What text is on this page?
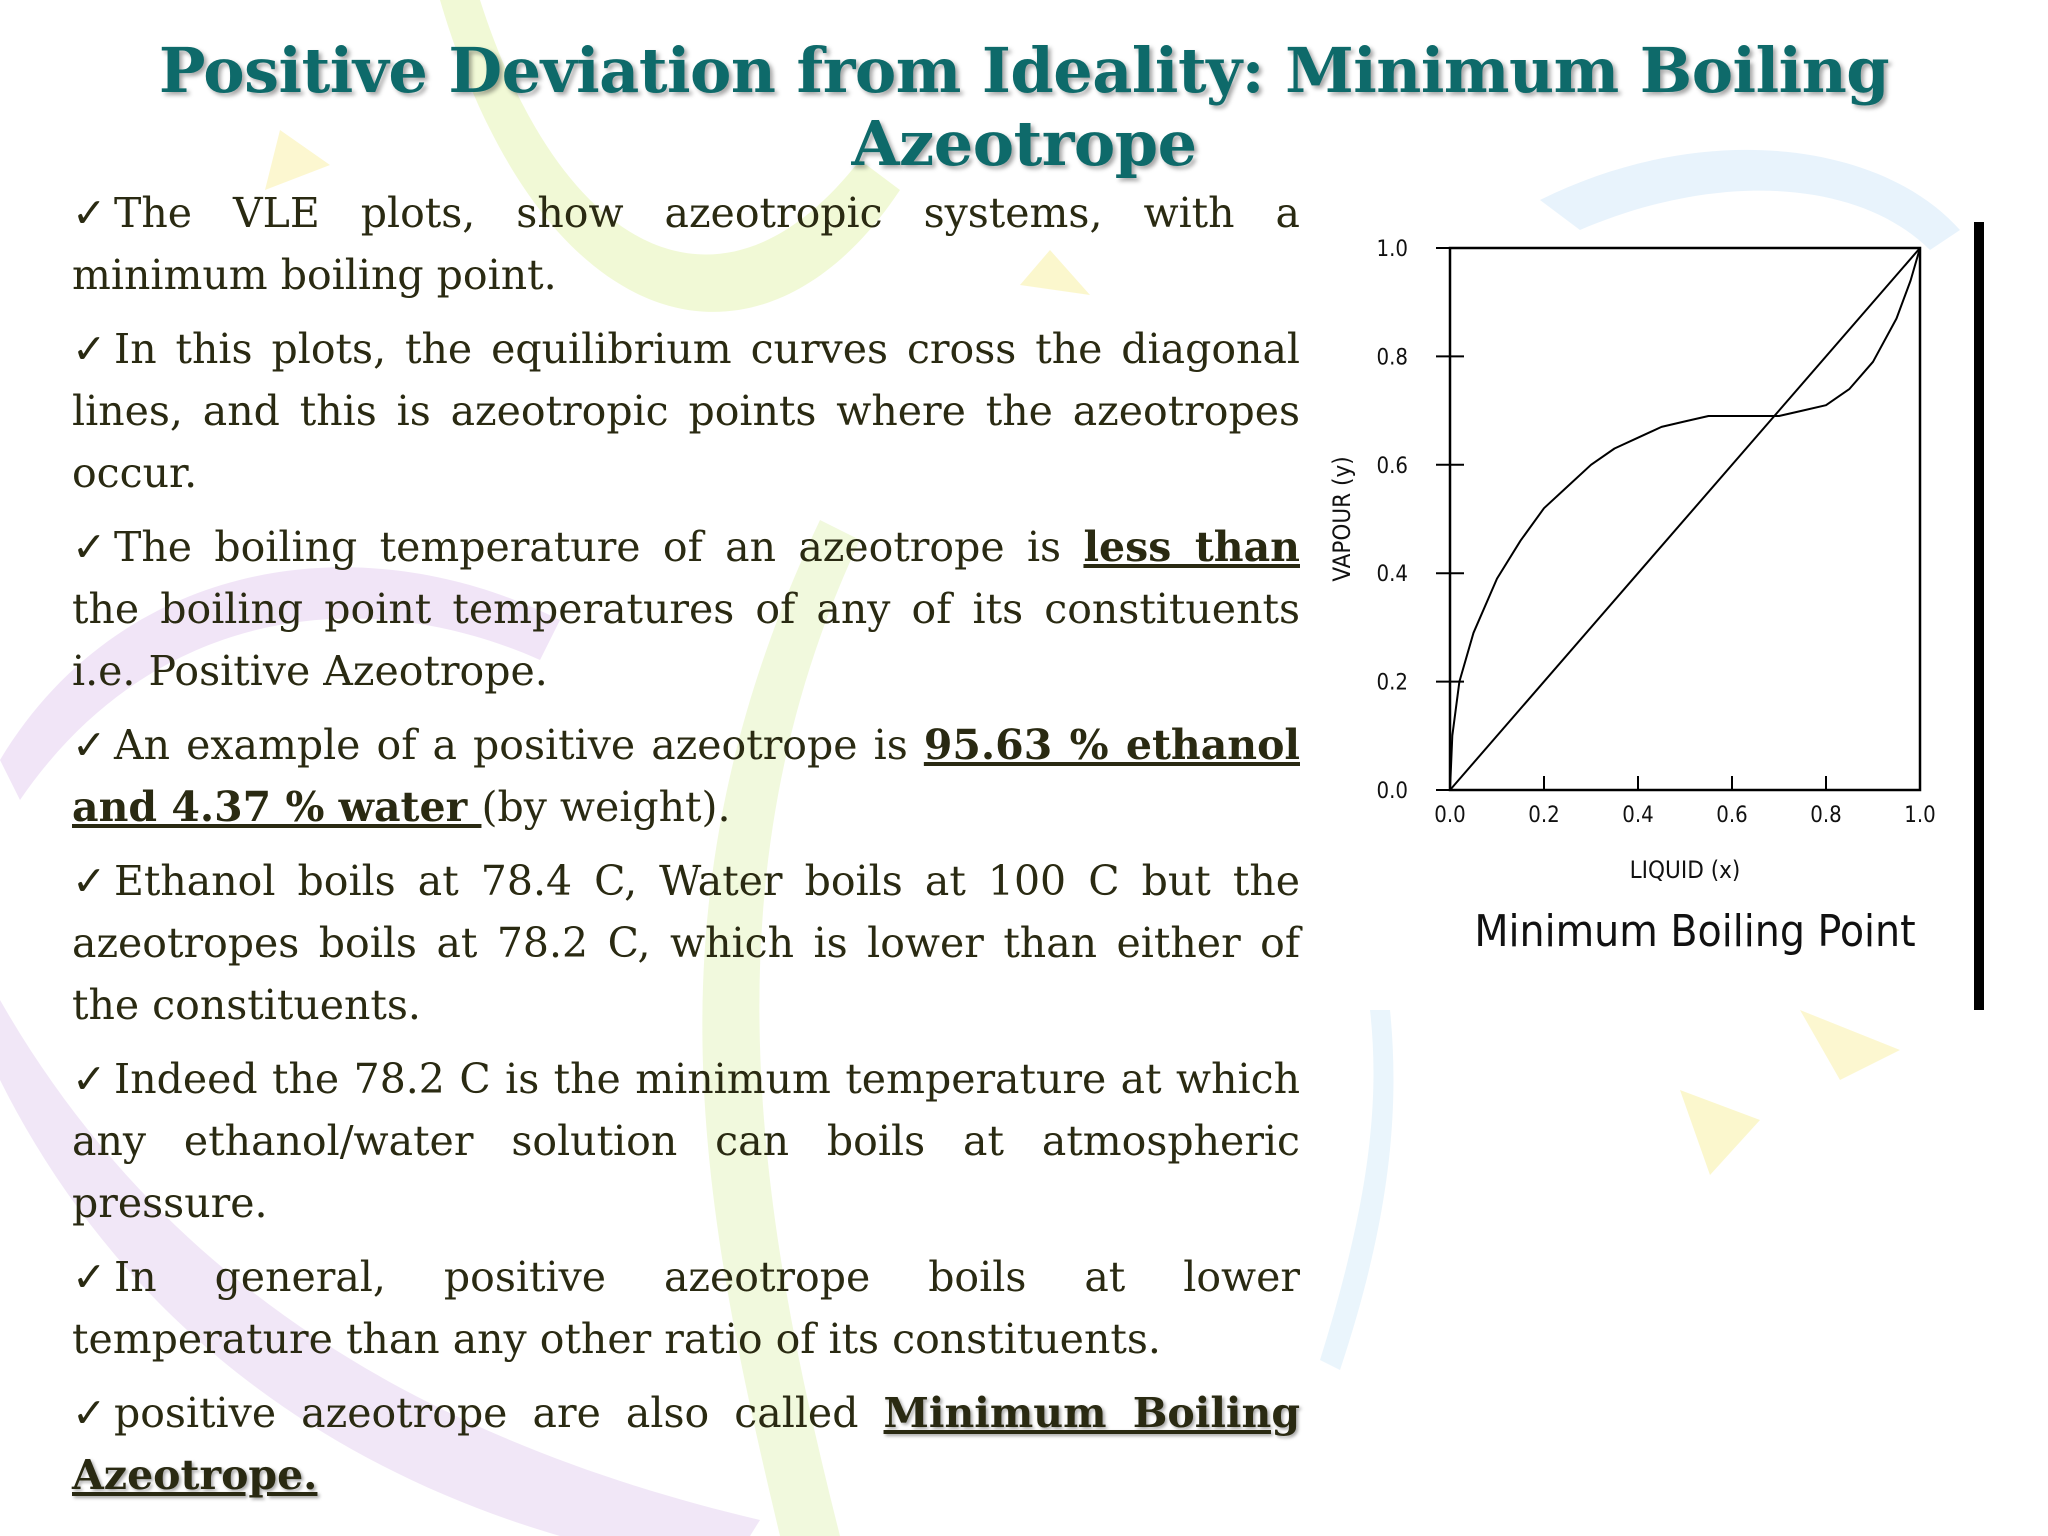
Positive Deviation from Ideality: Minimum Boiling Azeotrope

✓ The VLE plots, show azeotropic systems, with a minimum boiling point.

✓ In this plots, the equilibrium curves cross the diagonal lines, and this is azeotropic points where the azeotropes occur.

✓ The boiling temperature of an azeotrope is less than the boiling point temperatures of any of its constituents i.e. Positive Azeotrope.

✓ An example of a positive azeotrope is 95.63 % ethanol and 4.37 % water (by weight).

✓ Ethanol boils at 78.4 C, Water boils at 100 C but the azeotropes boils at 78.2 C, which is lower than either of the constituents.

✓ Indeed the 78.2 C is the minimum temperature at which any ethanol/water solution can boils at atmospheric pressure.

✓ In general, positive azeotrope boils at lower temperature than any other ratio of its constituents.

✓ positive azeotrope are also called Minimum Boiling Azeotrope.

0.0	0.2	0.4	0.6	0.8	1.0
0.0
0.2
0.4
0.6
0.8
1.0
LIQUID (x)
VAPOUR (y)
Minimum Boiling Point
